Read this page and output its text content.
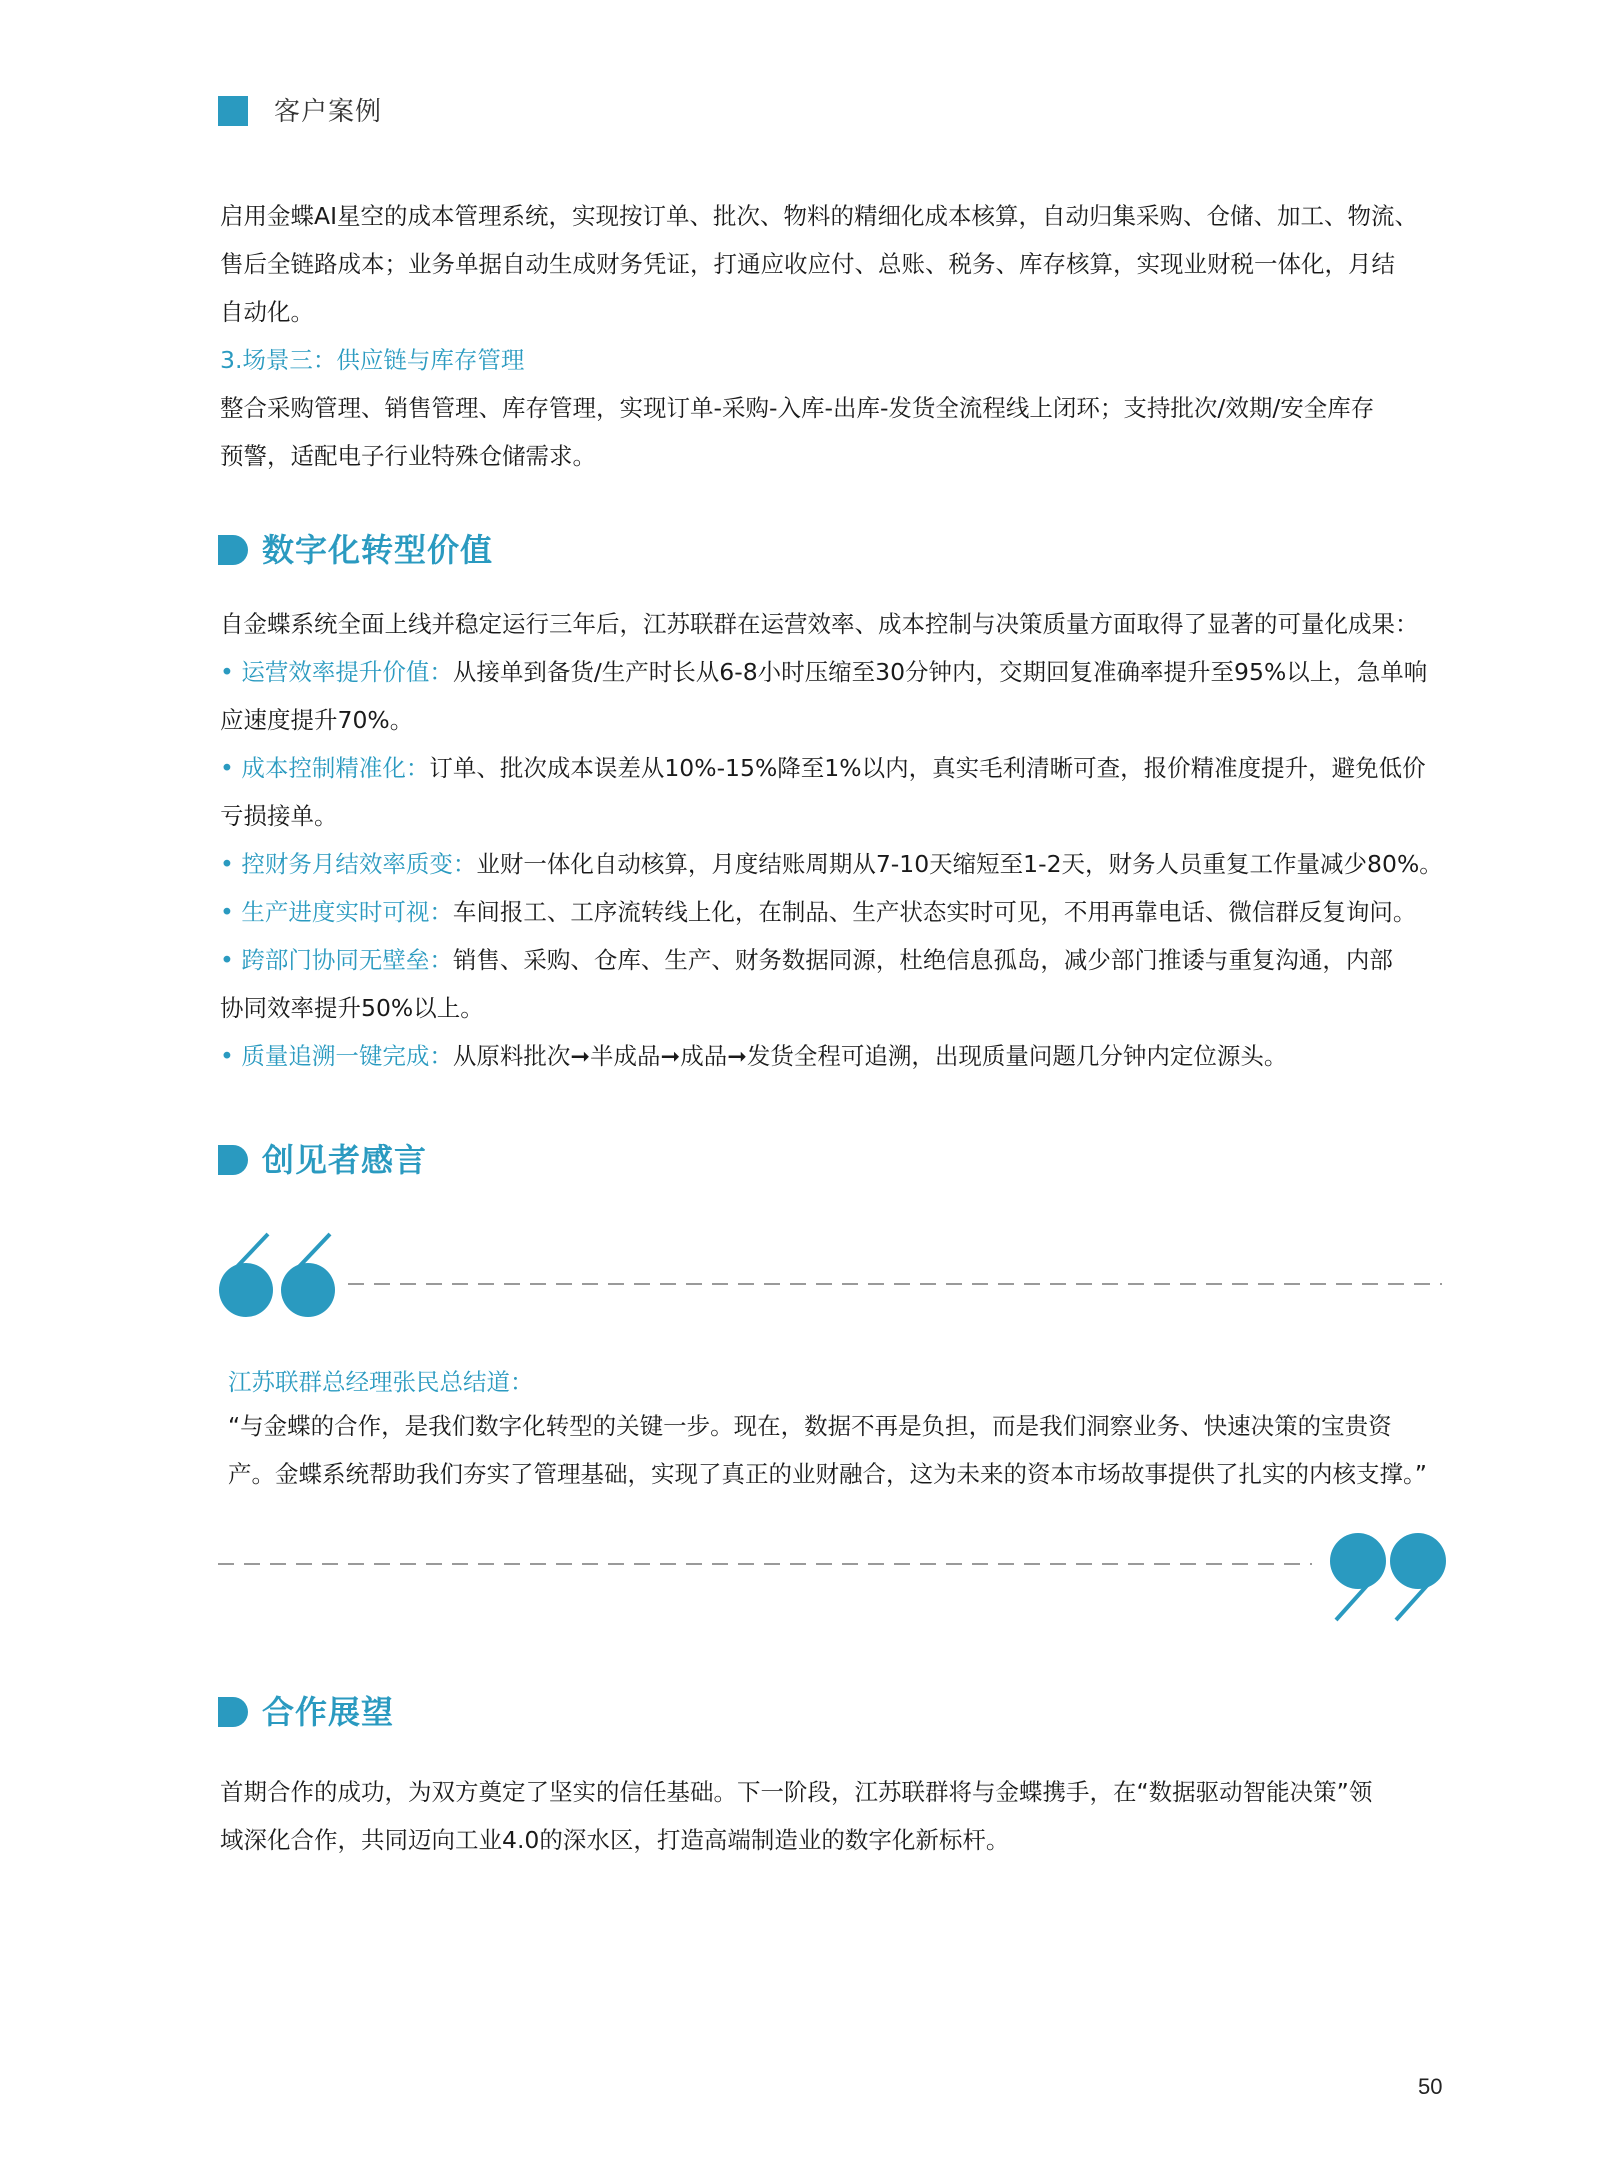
客户案例

启用金蝶AI星空的成本管理系统，实现按订单、批次、物料的精细化成本核算，自动归集采购、仓储、加工、物流、

售后全链路成本；业务单据自动生成财务凭证，打通应收应付、总账、税务、库存核算，实现业财税一体化，月结

自动化。

3.场景三：供应链与库存管理

整合采购管理、销售管理、库存管理，实现订单-采购-入库-出库-发货全流程线上闭环；支持批次/效期/安全库存

预警，适配电子行业特殊仓储需求。

数字化转型价值

自金蝶系统全面上线并稳定运行三年后，江苏联群在运营效率、成本控制与决策质量方面取得了显著的可量化成果：

• 运营效率提升价值：从接单到备货/生产时长从6-8小时压缩至30分钟内，交期回复准确率提升至95%以上，急单响

应速度提升70%。

• 成本控制精准化：订单、批次成本误差从10%-15%降至1%以内，真实毛利清晰可查，报价精准度提升，避免低价

亏损接单。

• 控财务月结效率质变：业财一体化自动核算，月度结账周期从7-10天缩短至1-2天，财务人员重复工作量减少80%。

• 生产进度实时可视：车间报工、工序流转线上化，在制品、生产状态实时可见，不用再靠电话、微信群反复询问。

• 跨部门协同无壁垒：销售、采购、仓库、生产、财务数据同源，杜绝信息孤岛，减少部门推诿与重复沟通，内部

协同效率提升50%以上。

• 质量追溯一键完成：从原料批次➞半成品➞成品➞发货全程可追溯，出现质量问题几分钟内定位源头。

创见者感言
江苏联群总经理张民总结道：

“与金蝶的合作，是我们数字化转型的关键一步。现在，数据不再是负担，而是我们洞察业务、快速决策的宝贵资

产。金蝶系统帮助我们夯实了管理基础，实现了真正的业财融合，这为未来的资本市场故事提供了扎实的内核支撑。”

合作展望

首期合作的成功，为双方奠定了坚实的信任基础。下一阶段，江苏联群将与金蝶携手，在“数据驱动智能决策”领

域深化合作，共同迈向工业4.0的深水区，打造高端制造业的数字化新标杆。

50
